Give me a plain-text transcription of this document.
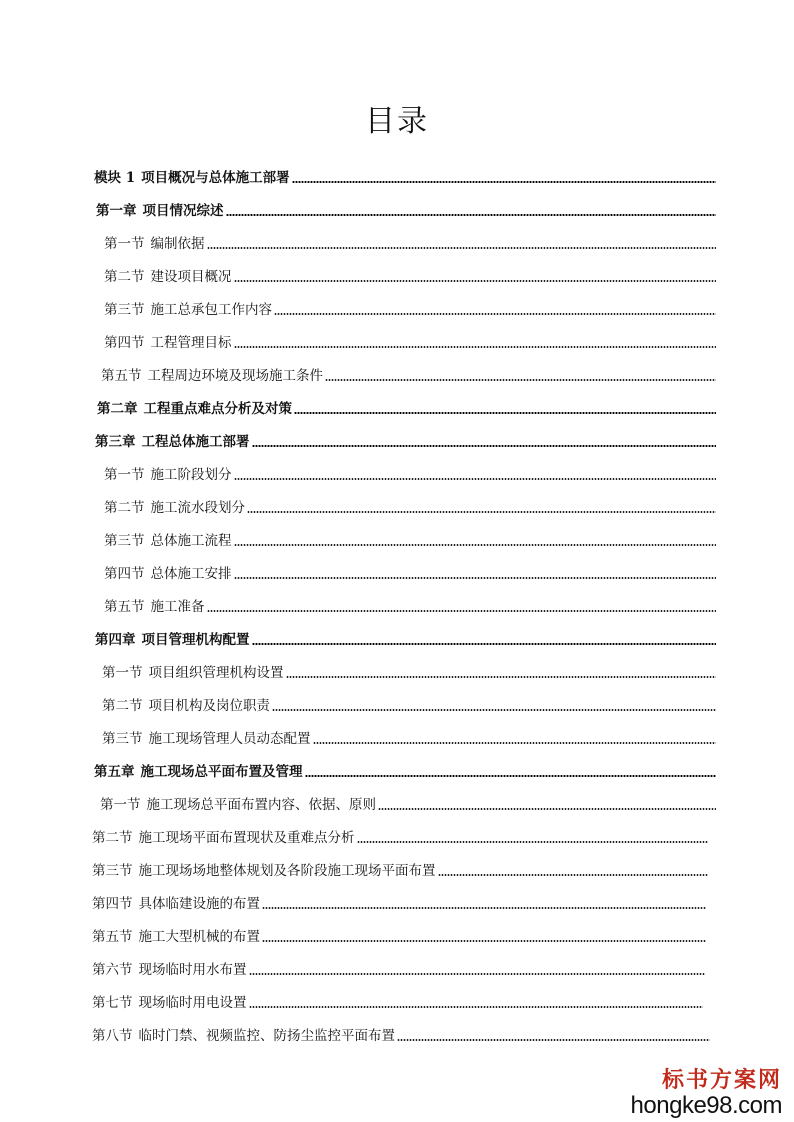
目录
模块 1 项目概况与总体施工部署
第一章 项目情况综述
第一节 编制依据
第二节 建设项目概况
第三节 施工总承包工作内容
第四节 工程管理目标
第五节 工程周边环境及现场施工条件
第二章 工程重点难点分析及对策
第三章 工程总体施工部署
第一节 施工阶段划分
第二节 施工流水段划分
第三节 总体施工流程
第四节 总体施工安排
第五节 施工准备
第四章 项目管理机构配置
第一节 项目组织管理机构设置
第二节 项目机构及岗位职责
第三节 施工现场管理人员动态配置
第五章 施工现场总平面布置及管理
第一节 施工现场总平面布置内容、依据、原则
第二节 施工现场平面布置现状及重难点分析
第三节 施工现场场地整体规划及各阶段施工现场平面布置
第四节 具体临建设施的布置
第五节 施工大型机械的布置
第六节 现场临时用水布置
第七节 现场临时用电设置
第八节 临时门禁、视频监控、防扬尘监控平面布置
标书方案网
hongke98.com
